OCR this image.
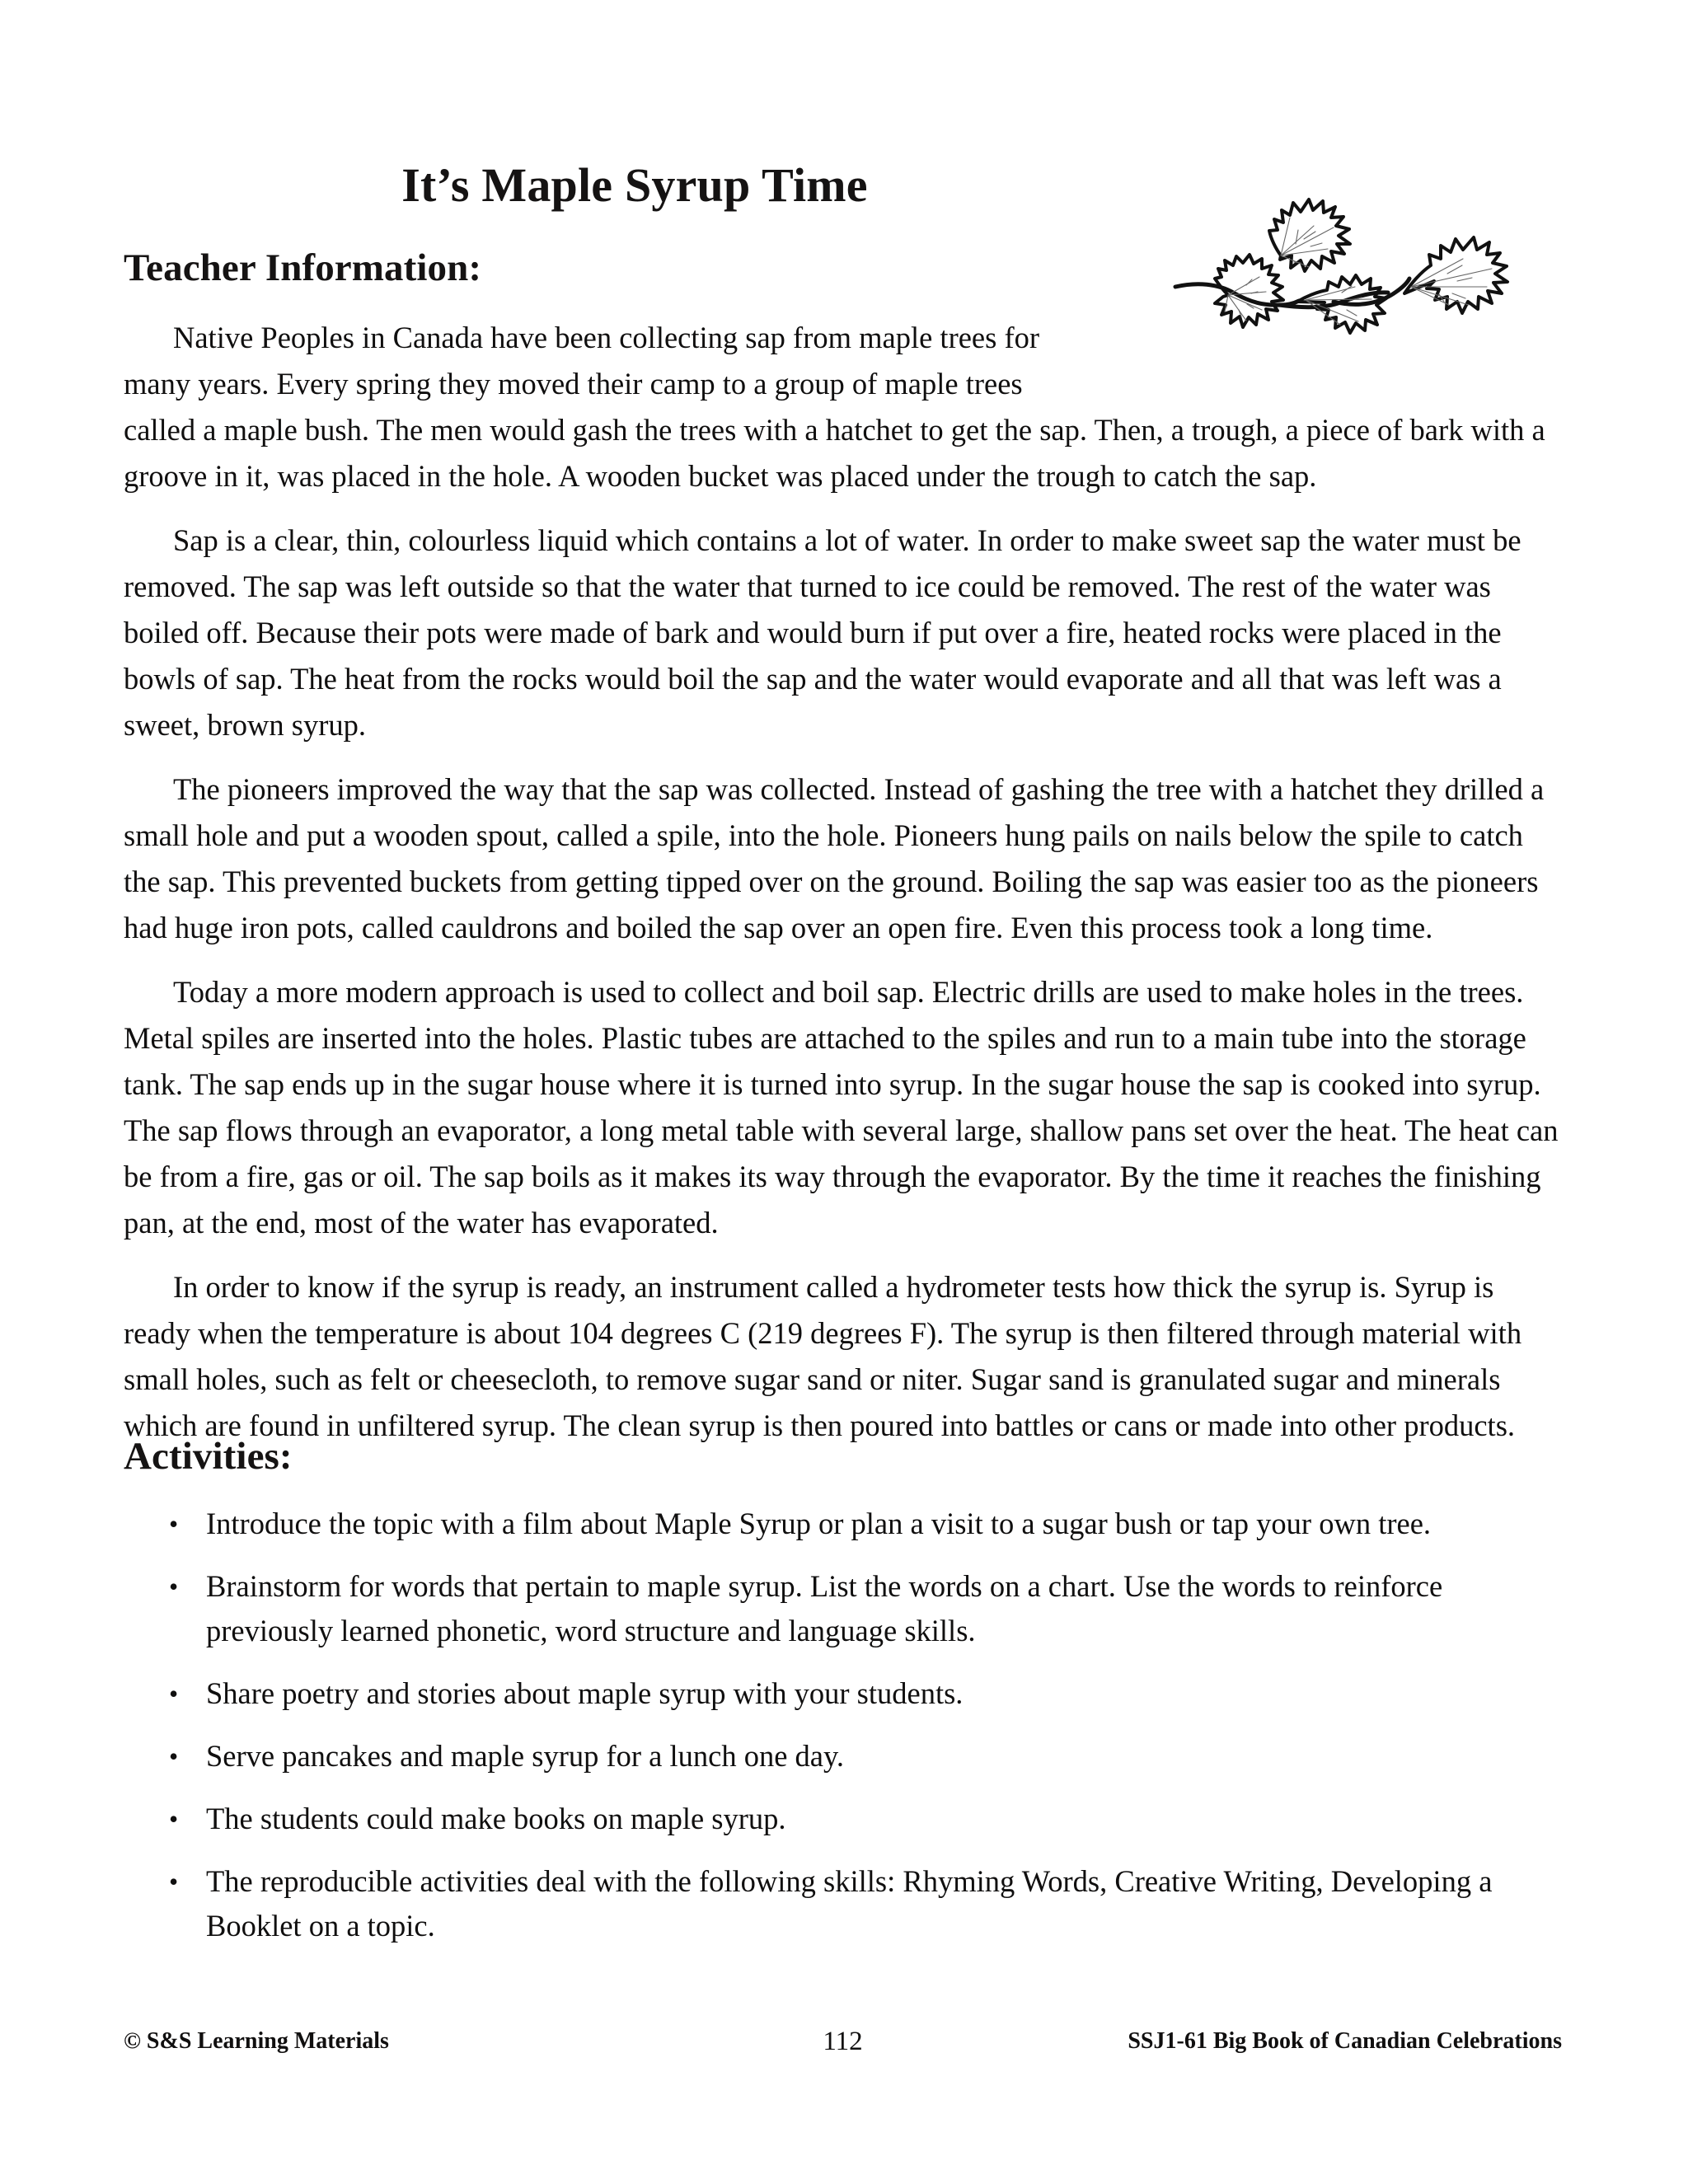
It’s Maple Syrup Time
Teacher Information:

Native Peoples in Canada have been collecting sap from maple trees for many years. Every spring they moved their camp to a group of maple trees called a maple bush. The men would gash the trees with a hatchet to get the sap. Then, a trough, a piece of bark with a groove in it, was placed in the hole. A wooden bucket was placed under the trough to catch the sap.

Sap is a clear, thin, colourless liquid which contains a lot of water. In order to make sweet sap the water must be removed. The sap was left outside so that the water that turned to ice could be removed. The rest of the water was boiled off. Because their pots were made of bark and would burn if put over a fire, heated rocks were placed in the bowls of sap. The heat from the rocks would boil the sap and the water would evaporate and all that was left was a sweet, brown syrup.

The pioneers improved the way that the sap was collected. Instead of gashing the tree with a hatchet they drilled a small hole and put a wooden spout, called a spile, into the hole. Pioneers hung pails on nails below the spile to catch the sap. This prevented buckets from getting tipped over on the ground. Boiling the sap was easier too as the pioneers had huge iron pots, called cauldrons and boiled the sap over an open fire. Even this process took a long time.

Today a more modern approach is used to collect and boil sap. Electric drills are used to make holes in the trees. Metal spiles are inserted into the holes. Plastic tubes are attached to the spiles and run to a main tube into the storage tank. The sap ends up in the sugar house where it is turned into syrup. In the sugar house the sap is cooked into syrup. The sap flows through an evaporator, a long metal table with several large, shallow pans set over the heat. The heat can be from a fire, gas or oil. The sap boils as it makes its way through the evaporator. By the time it reaches the finishing pan, at the end, most of the water has evaporated.

In order to know if the syrup is ready, an instrument called a hydrometer tests how thick the syrup is. Syrup is ready when the temperature is about 104 degrees C (219 degrees F). The syrup is then filtered through material with small holes, such as felt or cheesecloth, to remove sugar sand or niter. Sugar sand is granulated sugar and minerals which are found in unfiltered syrup. The clean syrup is then poured into battles or cans or made into other products.

Activities:
• Introduce the topic with a film about Maple Syrup or plan a visit to a sugar bush or tap your own tree.
• Brainstorm for words that pertain to maple syrup. List the words on a chart. Use the words to reinforce previously learned phonetic, word structure and language skills.
• Share poetry and stories about maple syrup with your students.
• Serve pancakes and maple syrup for a lunch one day.
• The students could make books on maple syrup.
• The reproducible activities deal with the following skills: Rhyming Words, Creative Writing, Developing a Booklet on a topic.
112
© S&S Learning Materials	SSJ1-61 Big Book of Canadian Celebrations
